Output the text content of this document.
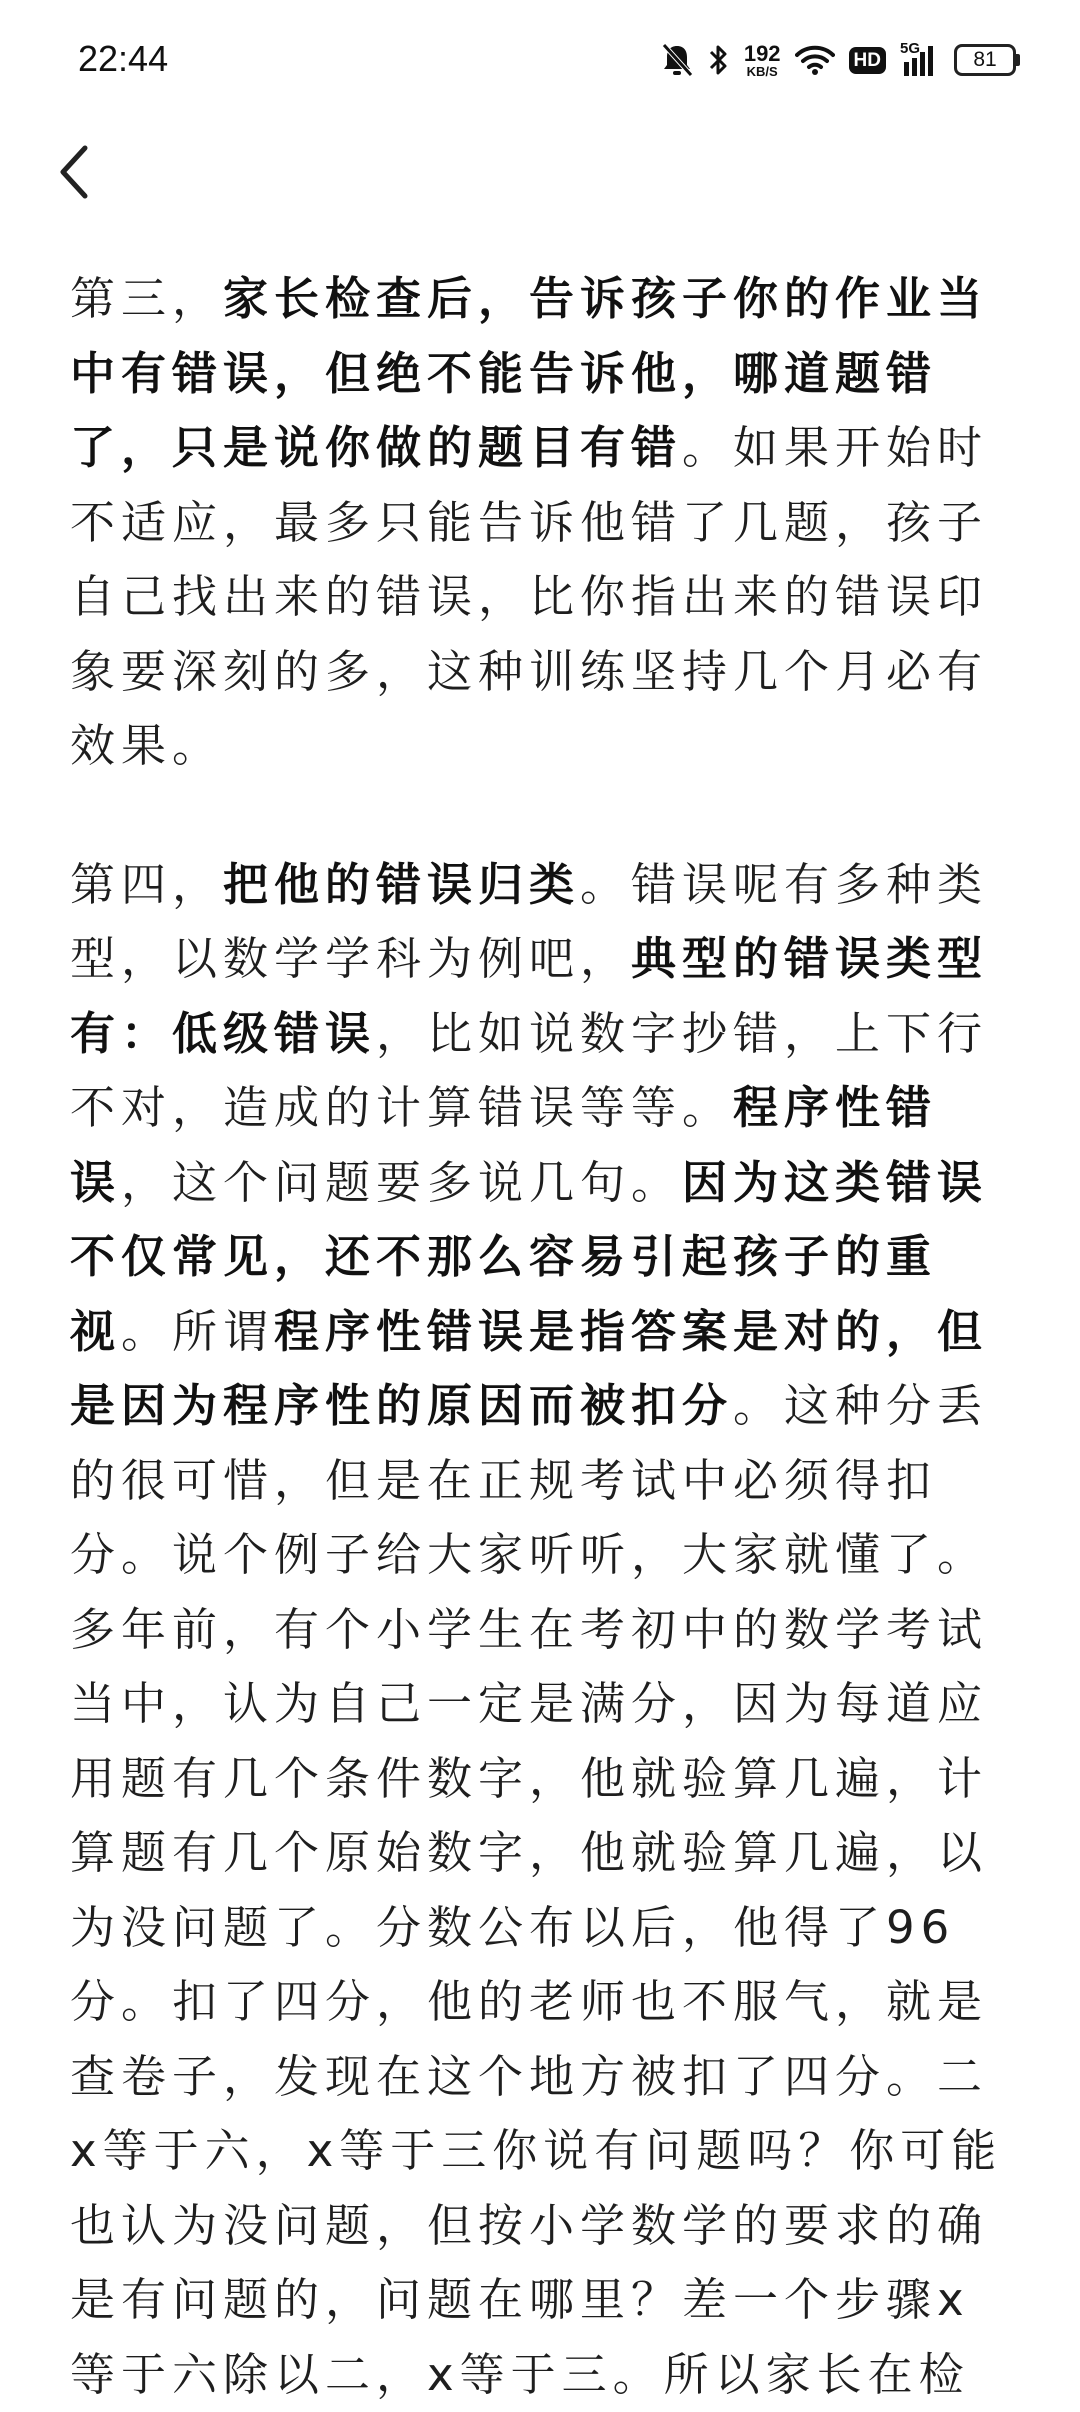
22:44	192
KB/S
HD
5G	81

第三，家长检查后，告诉孩子你的作业当中有错误，但绝不能告诉他，哪道题错了，只是说你做的题目有错。如果开始时不适应，最多只能告诉他错了几题，孩子自己找出来的错误，比你指出来的错误印象要深刻的多，这种训练坚持几个月必有效果。

第四，把他的错误归类。错误呢有多种类型，以数学学科为例吧，典型的错误类型有：低级错误，比如说数字抄错，上下行不对，造成的计算错误等等。程序性错误，这个问题要多说几句。因为这类错误不仅常见，还不那么容易引起孩子的重视。所谓程序性错误是指答案是对的，但是因为程序性的原因而被扣分。这种分丢的很可惜，但是在正规考试中必须得扣分。说个例子给大家听听，大家就懂了。多年前，有个小学生在考初中的数学考试当中，认为自己一定是满分，因为每道应用题有几个条件数字，他就验算几遍，计算题有几个原始数字，他就验算几遍，以为没问题了。分数公布以后，他得了96分。扣了四分，他的老师也不服气，就是查卷子，发现在这个地方被扣了四分。二x等于六，x等于三你说有问题吗？你可能也认为没问题，但按小学数学的要求的确是有问题的，问题在哪里？差一个步骤x等于六除以二，x等于三。所以家长在检
